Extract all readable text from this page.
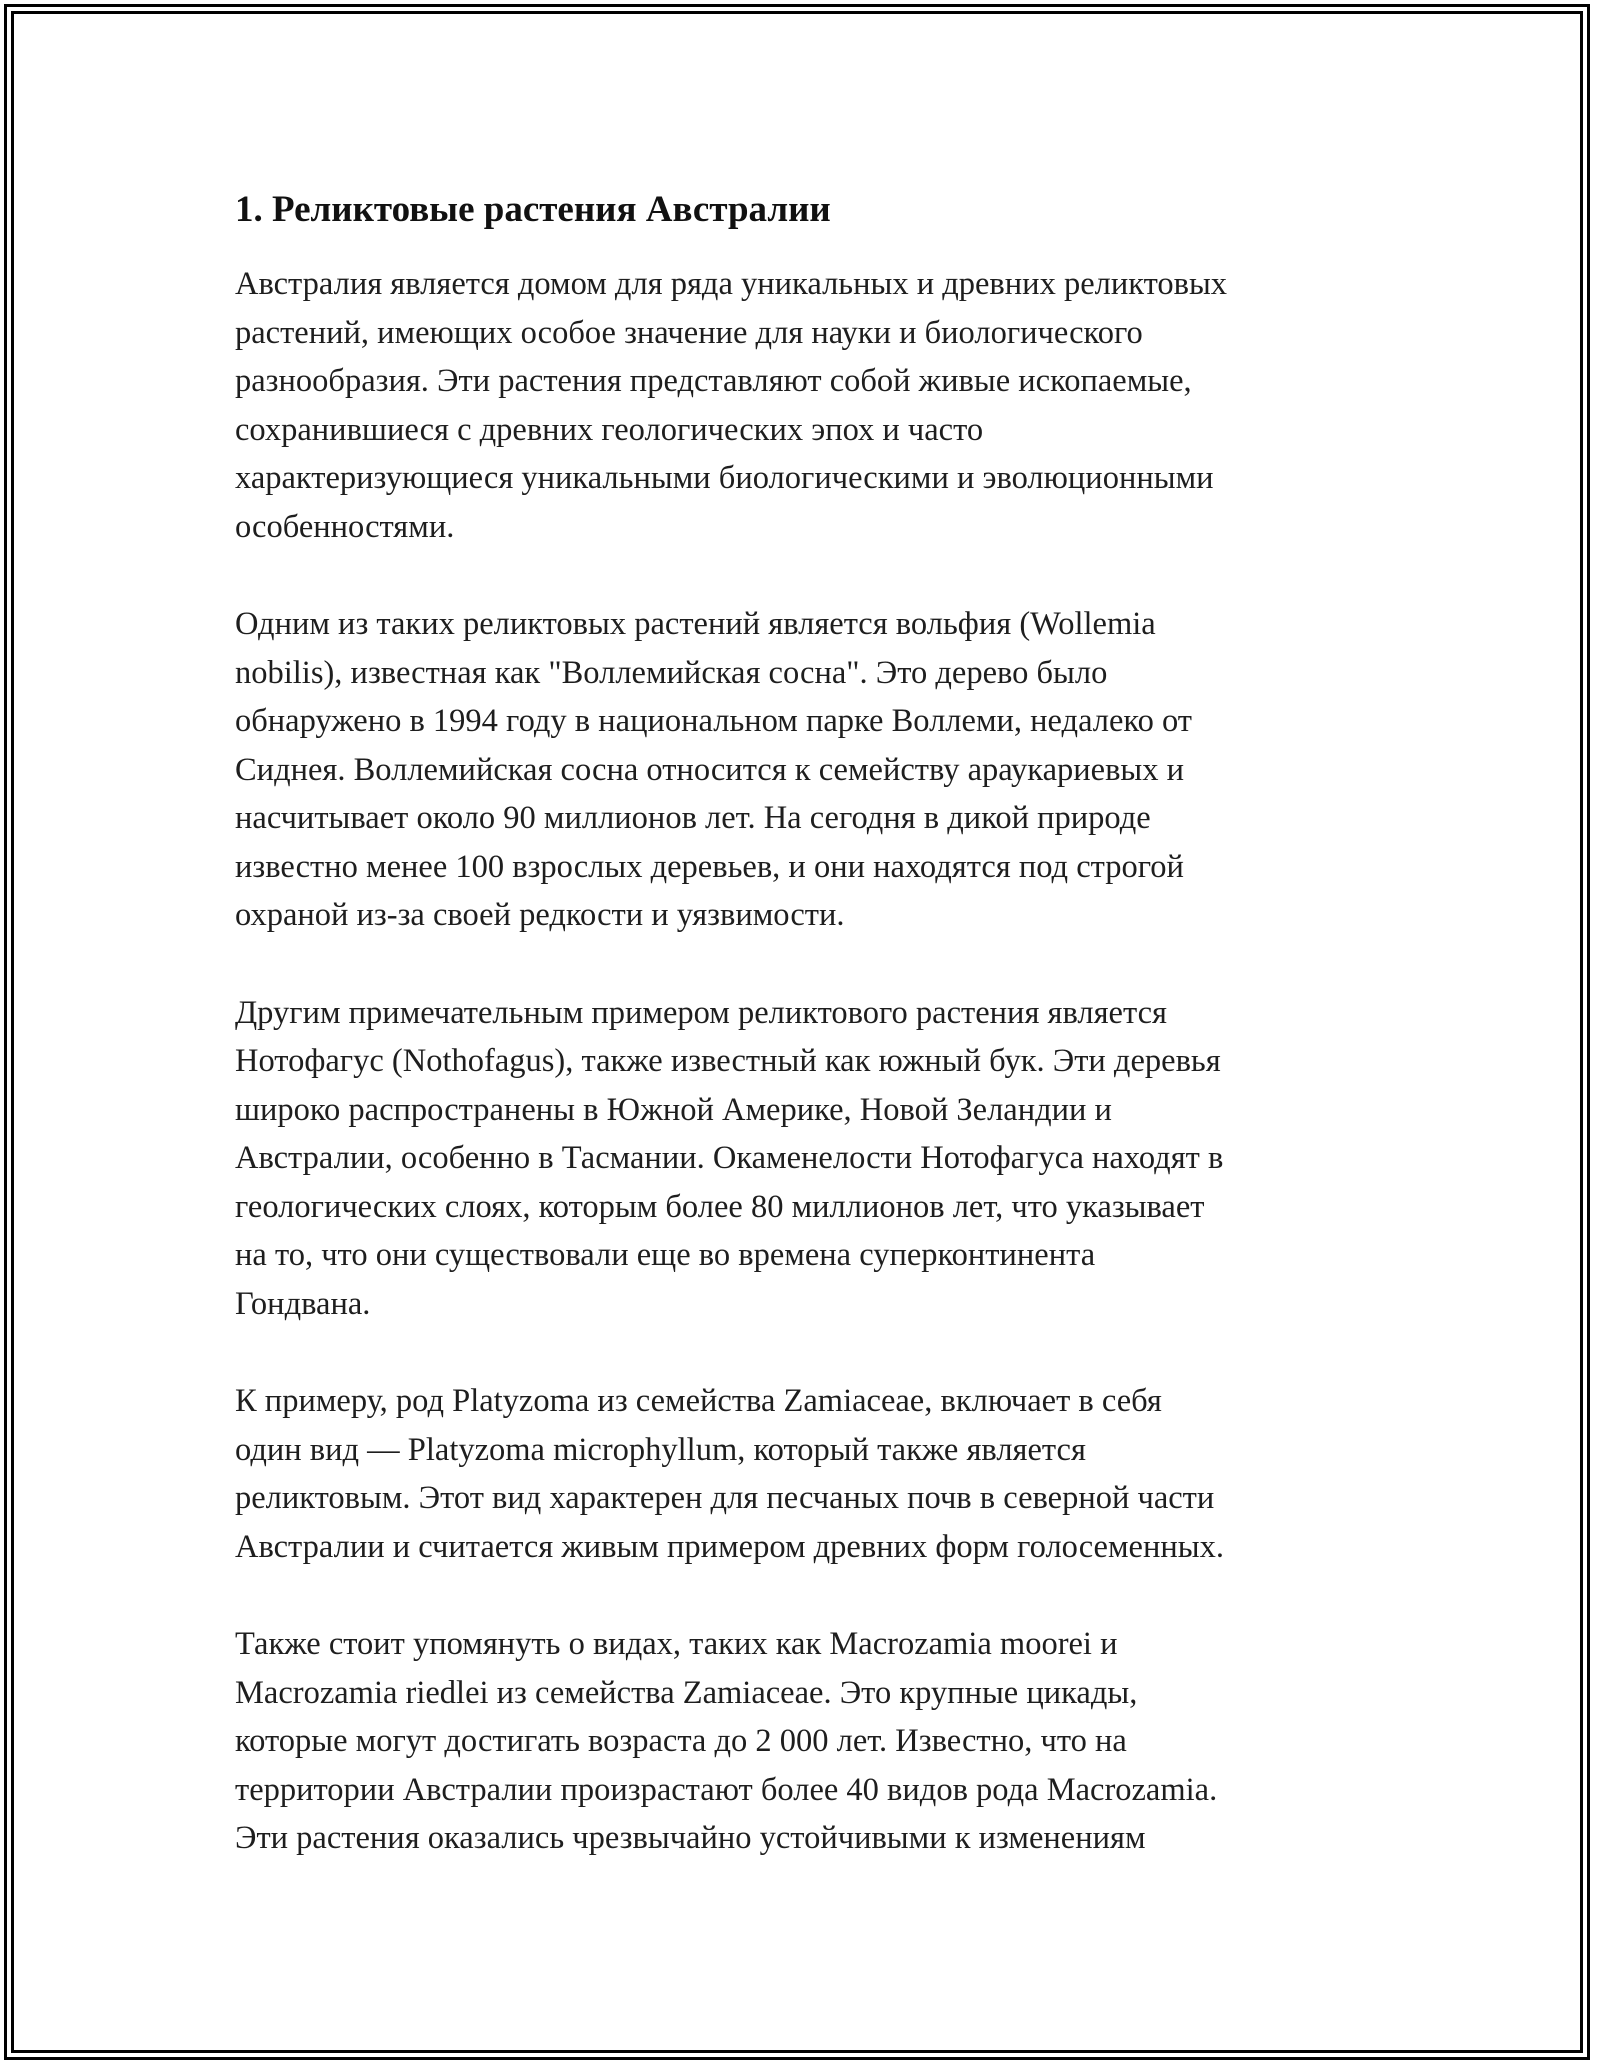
1. Реликтовые растения Австралии
Австралия является домом для ряда уникальных и древних реликтовых
растений, имеющих особое значение для науки и биологического
разнообразия. Эти растения представляют собой живые ископаемые,
сохранившиеся с древних геологических эпох и часто
характеризующиеся уникальными биологическими и эволюционными
особенностями.
Одним из таких реликтовых растений является вольфия (Wollemia
nobilis), известная как "Воллемийская сосна". Это дерево было
обнаружено в 1994 году в национальном парке Воллеми, недалеко от
Сиднея. Воллемийская сосна относится к семейству араукариевых и
насчитывает около 90 миллионов лет. На сегодня в дикой природе
известно менее 100 взрослых деревьев, и они находятся под строгой
охраной из-за своей редкости и уязвимости.
Другим примечательным примером реликтового растения является
Нотофагус (Nothofagus), также известный как южный бук. Эти деревья
широко распространены в Южной Америке, Новой Зеландии и
Австралии, особенно в Тасмании. Окаменелости Нотофагуса находят в
геологических слоях, которым более 80 миллионов лет, что указывает
на то, что они существовали еще во времена суперконтинента
Гондвана.
К примеру, род Platyzoma из семейства Zamiaceae, включает в себя
один вид — Platyzoma microphyllum, который также является
реликтовым. Этот вид характерен для песчаных почв в северной части
Австралии и считается живым примером древних форм голосеменных.
Также стоит упомянуть о видах, таких как Macrozamia moorei и
Macrozamia riedlei из семейства Zamiaceae. Это крупные цикады,
которые могут достигать возраста до 2 000 лет. Известно, что на
территории Австралии произрастают более 40 видов рода Macrozamia.
Эти растения оказались чрезвычайно устойчивыми к изменениям
